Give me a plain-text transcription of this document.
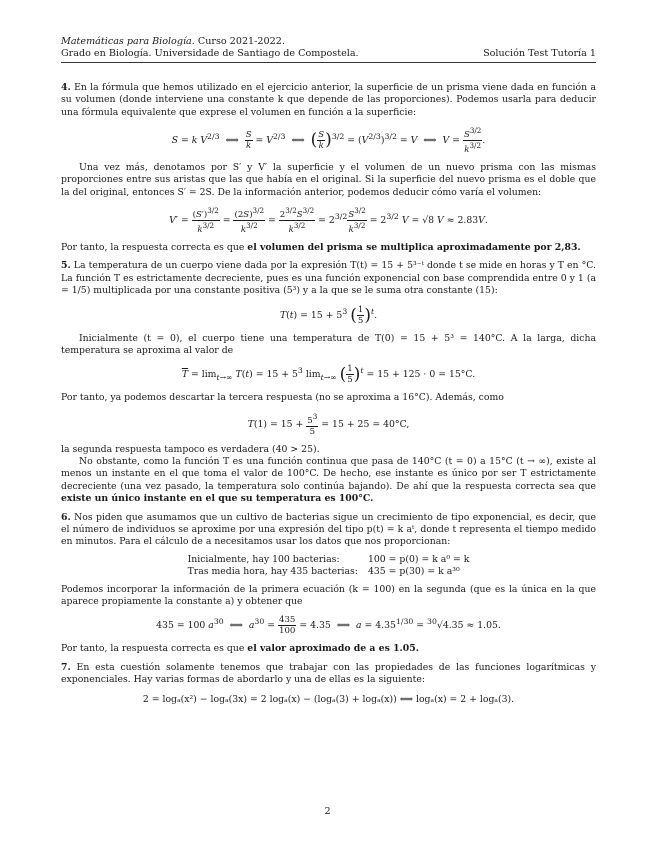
Matemáticas para Biología. Curso 2021-2022.
Grado en Biología. Universidade de Santiago de Compostela.	Solución Test Tutoría 1

4. En la fórmula que hemos utilizado en el ejercicio anterior, la superficie de un prisma viene dada en función a su volumen (donde interviene una constante k que depende de las proporciones). Podemos usarla para deducir una fórmula equivalente que exprese el volumen en función a la superficie:

S = k $V^{2/3}$  ⟺ $\frac{S}{k} = V^{2/3}$  ⟺  ( $\frac{S}{k} )^{3/2} = (V^{2/3})^{3/2} = V$  ⟺  $V = \frac{S^{3/2}}{k^{3/2}}$ .

Una vez más, denotamos por S′ y V′ la superficie y el volumen de un nuevo prisma con las mismas proporciones entre sus aristas que las que había en el original. Si la superficie del nuevo prisma es el doble que la del original, entonces S′ = 2S. De la información anterior, podemos deducir cómo varía el volumen:

$V' = \frac{(S')^{3/2}}{k^{3/2}} = \frac{(2S)^{3/2}}{k^{3/2}} = \frac{2^{3/2}S^{3/2}}{k^{3/2}} = 2^{3/2} \frac{S^{3/2}}{k^{3/2}} = 2^{3/2}$ V = √8 V ≈ 2.83V.

Por tanto, la respuesta correcta es que el volumen del prisma se multiplica aproximadamente por 2,83.

5. La temperatura de un cuerpo viene dada por la expresión T(t) = 15 + 5³⁻ᵗ donde t se mide en horas y T en °C. La función T es estrictamente decreciente, pues es una función exponencial con base comprendida entre 0 y 1 (a = 1/5) multiplicada por una constante positiva (5³) y a la que se le suma otra constante (15):

$T(t) = 15 + 5^3$ ( $\frac{1}{5} )^t$.

Inicialmente (t = 0), el cuerpo tiene una temperatura de T(0) = 15 + 5³ = 140°C. A la larga, dicha temperatura se aproxima al valor de

$\overline{T} = \lim_{t\to\infty} T(t) = 15 + 5^3$ $\lim_{t\to\infty}$ ( $\frac{1}{5} )^t = 15 + 125 \cdot 0 = 15^\circ C$.

Por tanto, ya podemos descartar la tercera respuesta (no se aproxima a 16°C). Además, como

$T(1) = 15 + \frac{5^3}{5} = 15 + 25 = 40^\circ C$,

la segunda respuesta tampoco es verdadera (40 > 25).

No obstante, como la función T es una función continua que pasa de 140°C (t = 0) a 15°C (t → ∞), existe al menos un instante en el que toma el valor de 100°C. De hecho, ese instante es único por ser T estrictamente decreciente (una vez pasado, la temperatura solo continúa bajando). De ahí que la respuesta correcta sea que existe un único instante en el que su temperatura es 100°C.

6. Nos piden que asumamos que un cultivo de bacterias sigue un crecimiento de tipo exponencial, es decir, que el número de individuos se aproxime por una expresión del tipo p(t) = k aᵗ, donde t representa el tiempo medido en minutos. Para el cálculo de a necesitamos usar los datos que nos proporcionan:

Inicialmente, hay 100 bacterias:	100 = p(0) = k a⁰ = k
Tras media hora, hay 435 bacterias:	435 = p(30) = k a³⁰

Podemos incorporar la información de la primera ecuación (k = 100) en la segunda (que es la única en la que aparece propiamente la constante a) y obtener que

435 = 100 $a^{30}$  ⟺  $a^{30} = \frac{435}{100} = 4.35$  ⟺  $a = 4.35^{1/30} = ^{30}√4.35 \approx 1.05$.

Por tanto, la respuesta correcta es que el valor aproximado de a es 1.05.

7. En esta cuestión solamente tenemos que trabajar con las propiedades de las funciones logarítmicas y exponenciales. Hay varias formas de abordarlo y una de ellas es la siguiente:

2 = logₐ(x²) − logₐ(3x) = 2 logₐ(x) − (logₐ(3) + logₐ(x)) ⟺ logₐ(x) = 2 + logₐ(3).
2
